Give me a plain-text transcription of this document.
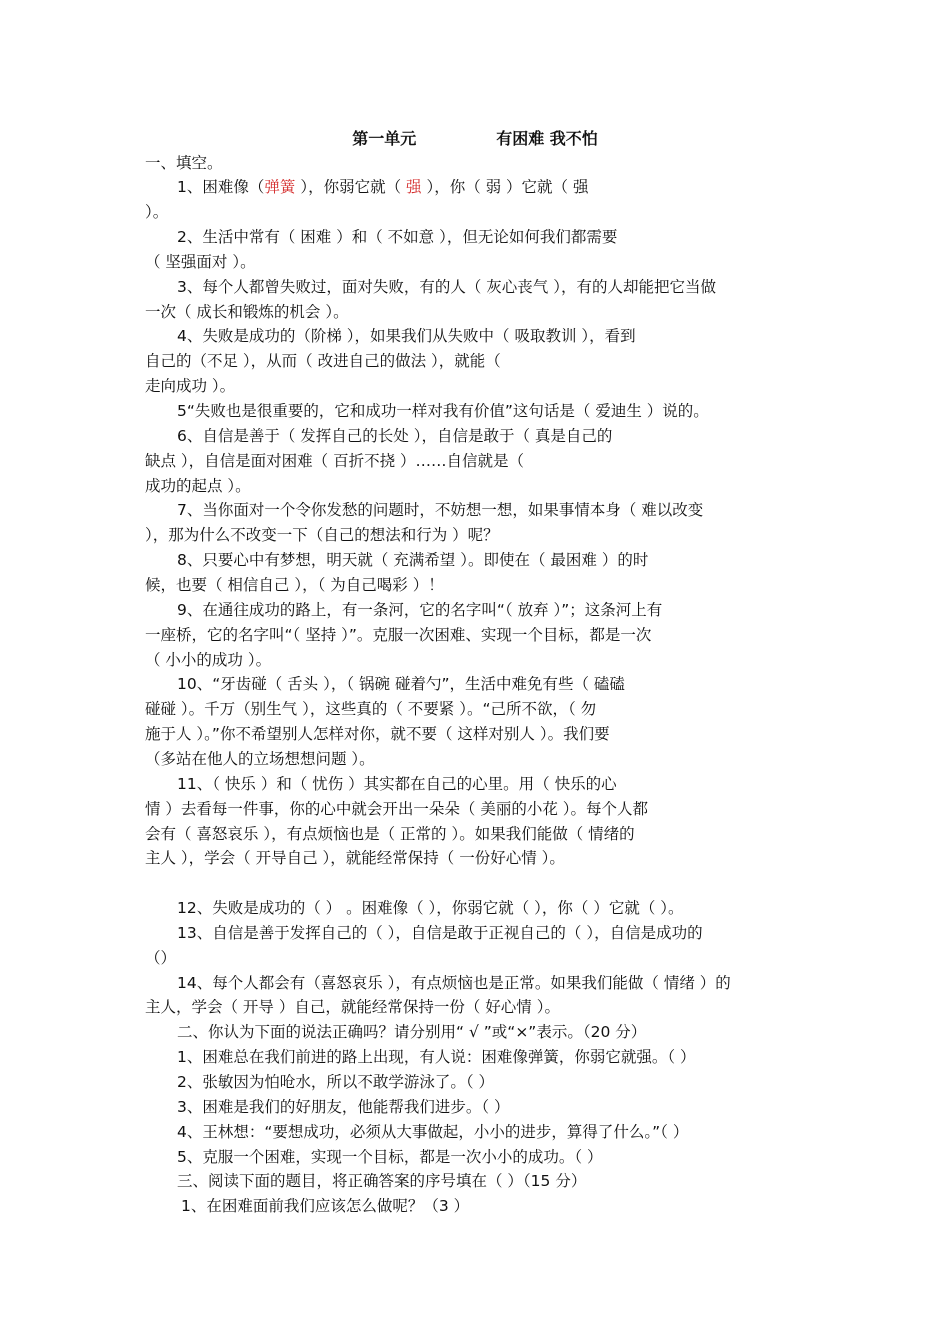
第一单元	有困难 我不怕
一、填空。
1、困难像（弹簧 ），你弱它就（ 强 ），你（ 弱 ）它就（ 强
）。
2、生活中常有（ 困难 ）和（ 不如意 ），但无论如何我们都需要
（ 坚强面对 ）。
3、每个人都曾失败过，面对失败，有的人（ 灰心丧气 ），有的人却能把它当做
一次（ 成长和锻炼的机会 ）。
4、失败是成功的（阶梯 ），如果我们从失败中（ 吸取教训 ），看到
自己的（不足 ），从而（ 改进自己的做法 ），就能（
走向成功 ）。
5“失败也是很重要的，它和成功一样对我有价值”这句话是（ 爱迪生 ）说的。
6、自信是善于（ 发挥自己的长处 ），自信是敢于（ 真是自己的
缺点 ），自信是面对困难（ 百折不挠 ）……自信就是（
成功的起点 ）。
7、当你面对一个令你发愁的问题时，不妨想一想，如果事情本身（ 难以改变
），那为什么不改变一下（自己的想法和行为 ）呢？
8、只要心中有梦想，明天就（ 充满希望 ）。即使在（ 最困难 ）的时
候，也要（ 相信自己 ），（ 为自己喝彩 ）！
9、在通往成功的路上，有一条河，它的名字叫“（ 放弃 ）”；这条河上有
一座桥，它的名字叫“（ 坚持 ）”。克服一次困难、实现一个目标，都是一次
（ 小小的成功 ）。
10、“牙齿碰（ 舌头 ），（ 锅碗 碰着勺”，生活中难免有些（ 磕磕
碰碰 ）。千万（别生气 ），这些真的（ 不要紧 ）。“己所不欲，（ 勿
施于人 ）。”你不希望别人怎样对你，就不要（ 这样对别人 ）。我们要
（多站在他人的立场想想问题 ）。
11、（ 快乐 ）和（ 忧伤 ）其实都在自己的心里。用（ 快乐的心
情 ）去看每一件事，你的心中就会开出一朵朵（ 美丽的小花 ）。每个人都
会有（ 喜怒哀乐 ），有点烦恼也是（ 正常的 ）。如果我们能做（ 情绪的
主人 ），学会（ 开导自己 ），就能经常保持（ 一份好心情 ）。
12、失败是成功的（ ） 。困难像（ ），你弱它就（ ），你（ ）它就（ ）。
13、自信是善于发挥自己的（ ），自信是敢于正视自己的（ ），自信是成功的
（）
14、每个人都会有（喜怒哀乐 ），有点烦恼也是正常。如果我们能做（ 情绪 ）的
主人，学会（ 开导 ）自己，就能经常保持一份（ 好心情 ）。
二、你认为下面的说法正确吗？请分别用“ √ ”或“×”表示。（20 分）
1、困难总在我们前进的路上出现，有人说：困难像弹簧，你弱它就强。（ ）
2、张敏因为怕呛水，所以不敢学游泳了。（ ）
3、困难是我们的好朋友，他能帮我们进步。（ ）
4、王林想：“要想成功，必须从大事做起，小小的进步，算得了什么。”（ ）
5、克服一个困难，实现一个目标，都是一次小小的成功。（ ）
三、阅读下面的题目，将正确答案的序号填在（ ）（15 分）
1、在困难面前我们应该怎么做呢？（3 ）
